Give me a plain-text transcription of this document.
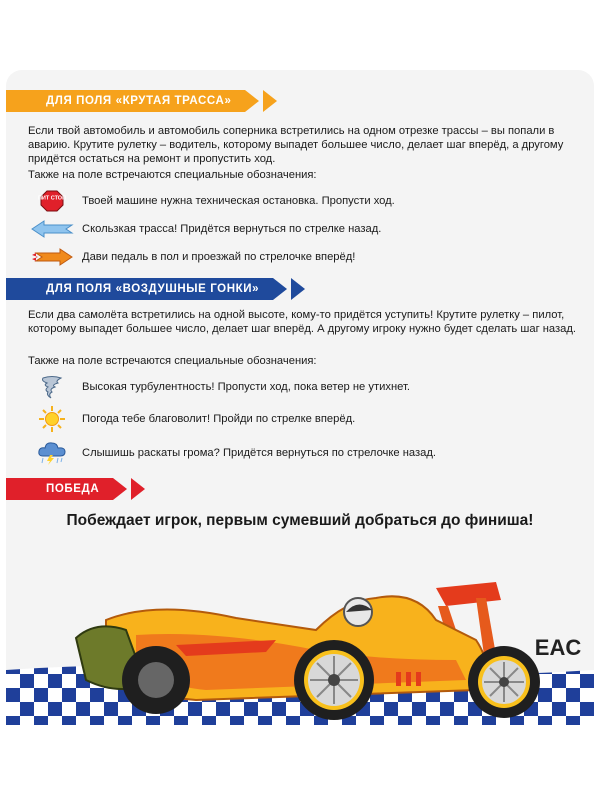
ДЛЯ ПОЛЯ «КРУТАЯ ТРАССА»
Если твой автомобиль и автомобиль соперника встретились на одном отрезке трассы – вы попали в аварию. Крутите рулетку – водитель, которому выпадет большее число, делает шаг вперёд, а другому придётся остаться на ремонт и пропустить ход.
Также на поле встречаются специальные обозначения:
ПИТ СТОП Твоей машине нужна техническая остановка. Пропусти ход.
Скользкая трасса! Придётся вернуться по стрелке назад.
Дави педаль в пол и проезжай по стрелочке вперёд!
ДЛЯ ПОЛЯ «ВОЗДУШНЫЕ ГОНКИ»
Если два самолёта встретились на одной высоте, кому-то придётся уступить! Крутите рулетку – пилот, которому выпадет большее число, делает шаг вперёд. А другому игроку нужно будет сделать шаг назад.
Также на поле встречаются специальные обозначения:
Высокая турбулентность! Пропусти ход, пока ветер не утихнет.
Погода тебе благоволит! Пройди по стрелке вперёд.
Слышишь раскаты грома? Придётся вернуться по стрелочке назад.
ПОБЕДА
Побеждает игрок, первым сумевший добраться до финиша!
EAC
